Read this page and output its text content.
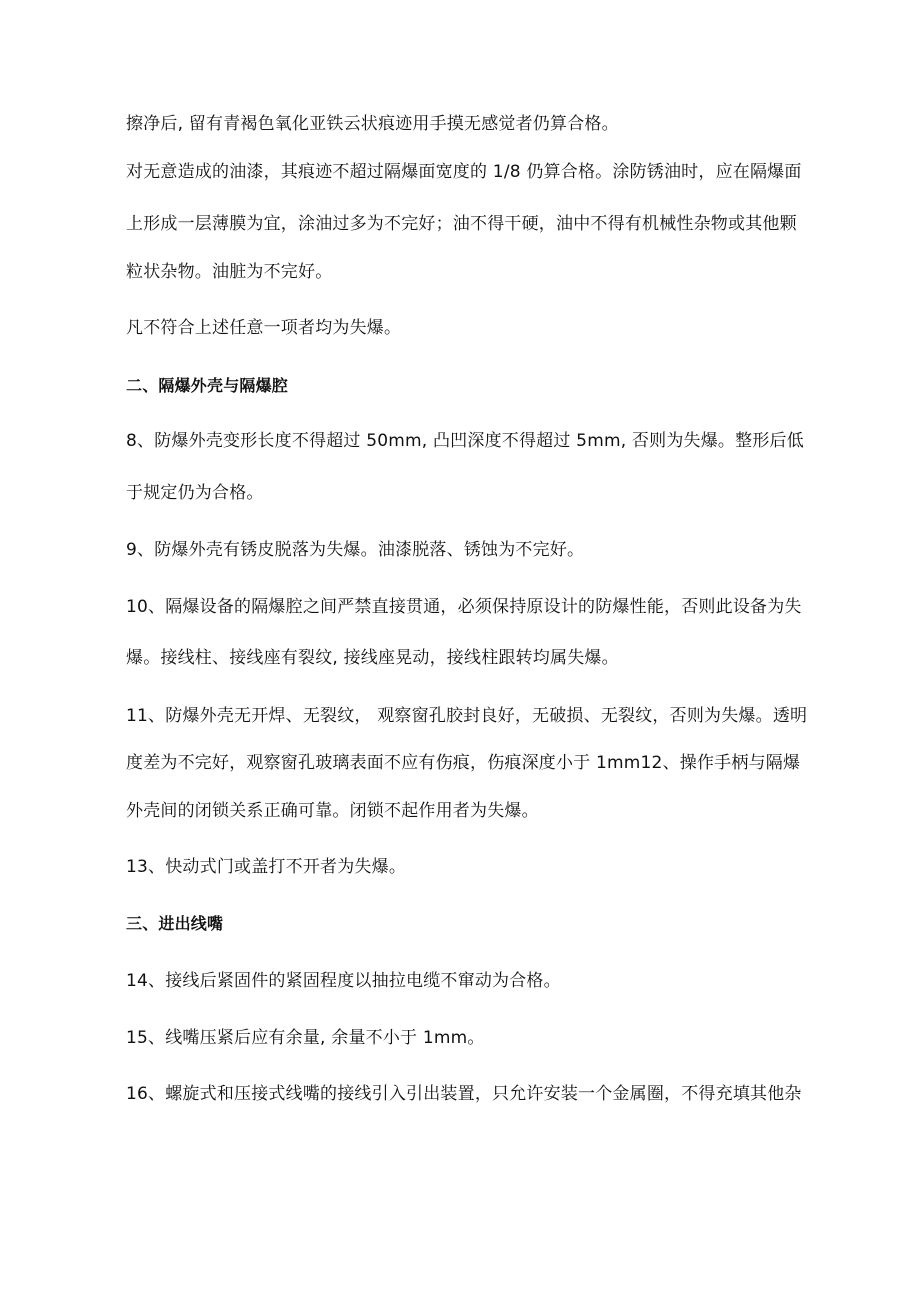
擦净后, 留有青褐色氧化亚铁云状痕迹用手摸无感觉者仍算合格。
对无意造成的油漆，其痕迹不超过隔爆面宽度的 1/8 仍算合格。涂防锈油时，应在隔爆面
上形成一层薄膜为宜，涂油过多为不完好；油不得干硬，油中不得有机械性杂物或其他颗
粒状杂物。油脏为不完好。
凡不符合上述任意一项者均为失爆。
二、隔爆外壳与隔爆腔
8、防爆外壳变形长度不得超过 50mm, 凸凹深度不得超过 5mm, 否则为失爆。整形后低
于规定仍为合格。
9、防爆外壳有锈皮脱落为失爆。油漆脱落、锈蚀为不完好。
10、隔爆设备的隔爆腔之间严禁直接贯通，必须保持原设计的防爆性能，否则此设备为失
爆。接线柱、接线座有裂纹, 接线座晃动，接线柱跟转均属失爆。
11、防爆外壳无开焊、无裂纹， 观察窗孔胶封良好，无破损、无裂纹，否则为失爆。透明
度差为不完好，观察窗孔玻璃表面不应有伤痕，伤痕深度小于 1mm12、操作手柄与隔爆
外壳间的闭锁关系正确可靠。闭锁不起作用者为失爆。
13、快动式门或盖打不开者为失爆。
三、进出线嘴
14、接线后紧固件的紧固程度以抽拉电缆不窜动为合格。
15、线嘴压紧后应有余量, 余量不小于 1mm。
16、螺旋式和压接式线嘴的接线引入引出装置，只允许安装一个金属圈，不得充填其他杂
